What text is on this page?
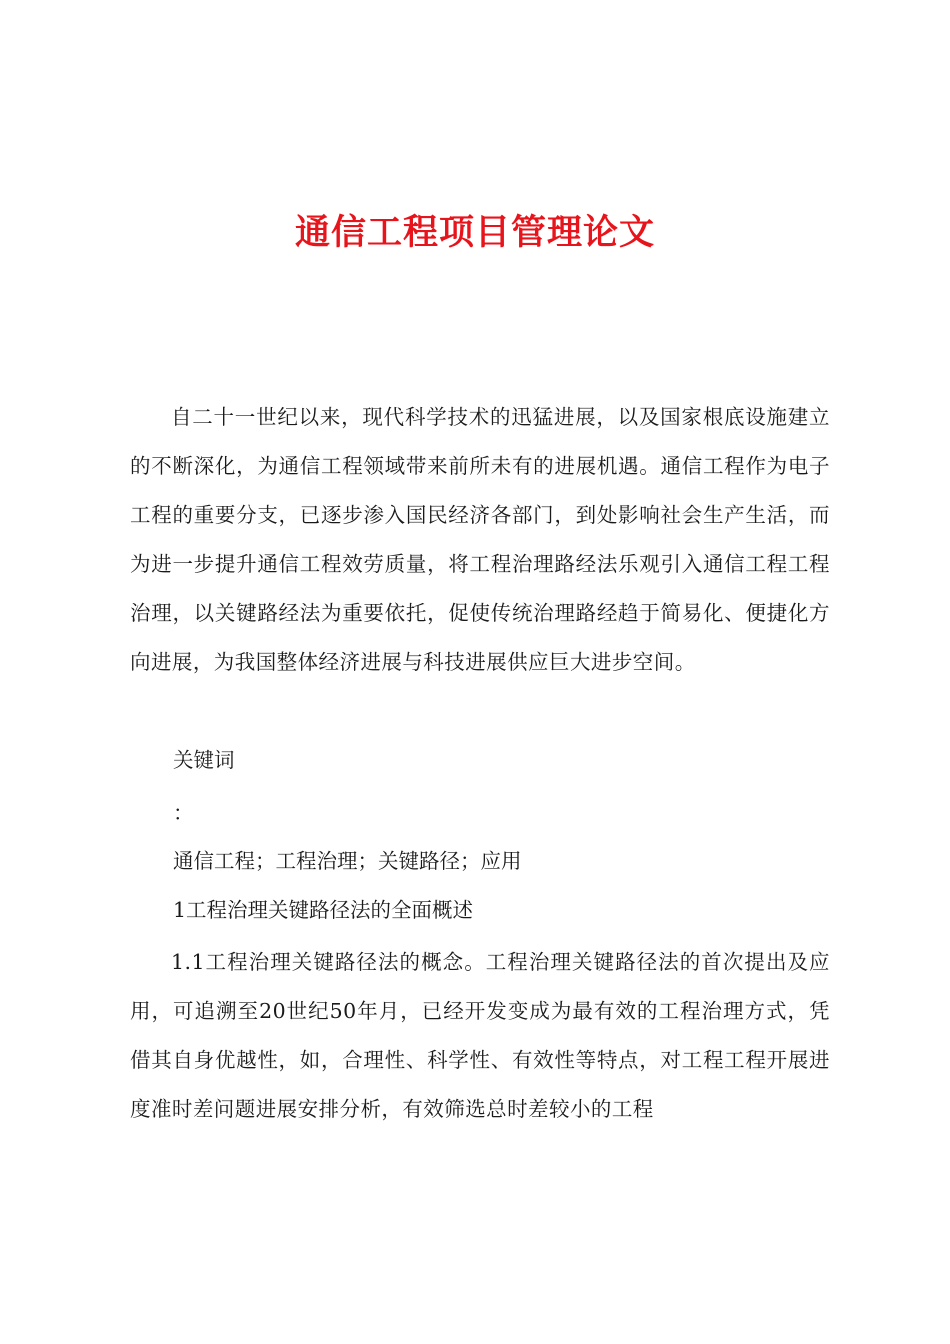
通信工程项目管理论文

自二十一世纪以来，现代科学技术的迅猛进展，以及国家根底设施建立的不断深化，为通信工程领域带来前所未有的进展机遇。通信工程作为电子工程的重要分支，已逐步渗入国民经济各部门，到处影响社会生产生活，而为进一步提升通信工程效劳质量，将工程治理路经法乐观引入通信工程工程治理，以关键路经法为重要依托，促使传统治理路经趋于简易化、便捷化方向进展，为我国整体经济进展与科技进展供应巨大进步空间。

关键词

：

通信工程；工程治理；关键路径；应用

1工程治理关键路径法的全面概述

1.1工程治理关键路径法的概念。工程治理关键路径法的首次提出及应用，可追溯至20世纪50年月，已经开发变成为最有效的工程治理方式，凭借其自身优越性，如，合理性、科学性、有效性等特点，对工程工程开展进度准时差问题进展安排分析，有效筛选总时差较小的工程
